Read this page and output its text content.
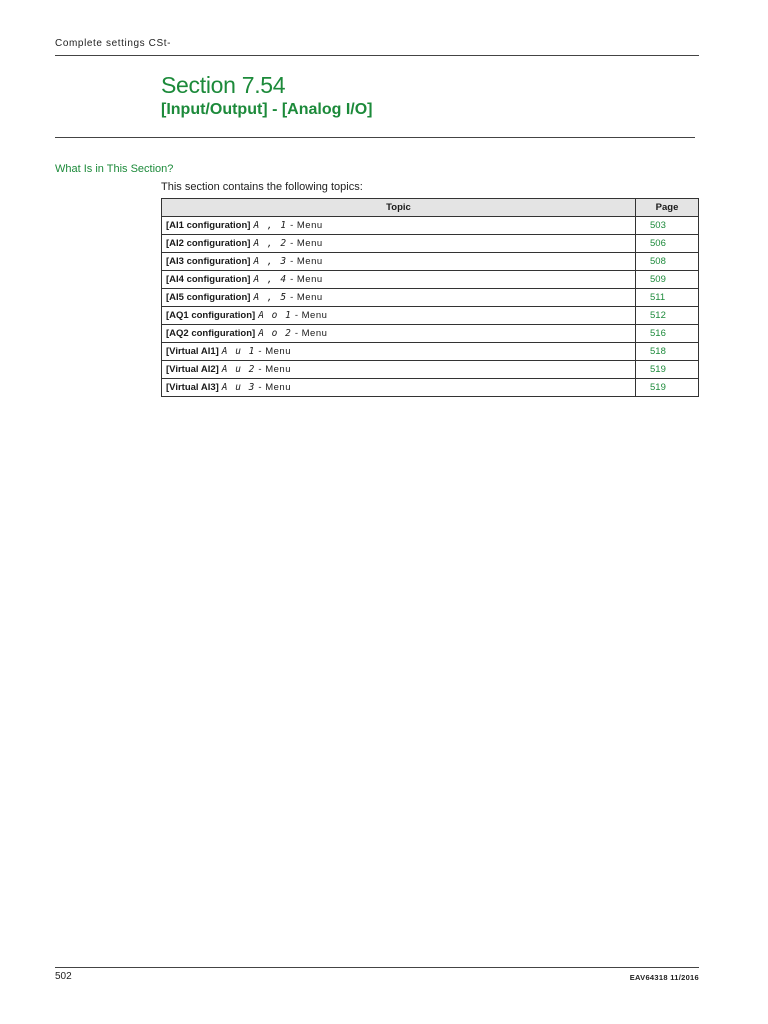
Complete settings CSt-
Section 7.54
[Input/Output] - [Analog I/O]
What Is in This Section?
This section contains the following topics:
Topic	Page
[AI1 configuration] A , 1 - Menu	503
[AI2 configuration] A , 2 - Menu	506
[AI3 configuration] A , 3 - Menu	508
[AI4 configuration] A , 4 - Menu	509
[AI5 configuration] A , 5 - Menu	511
[AQ1 configuration] A o 1 - Menu	512
[AQ2 configuration] A o 2 - Menu	516
[Virtual AI1] A u 1 - Menu	518
[Virtual AI2] A u 2 - Menu	519
[Virtual AI3] A u 3 - Menu	519
502	EAV64318 11/2016
